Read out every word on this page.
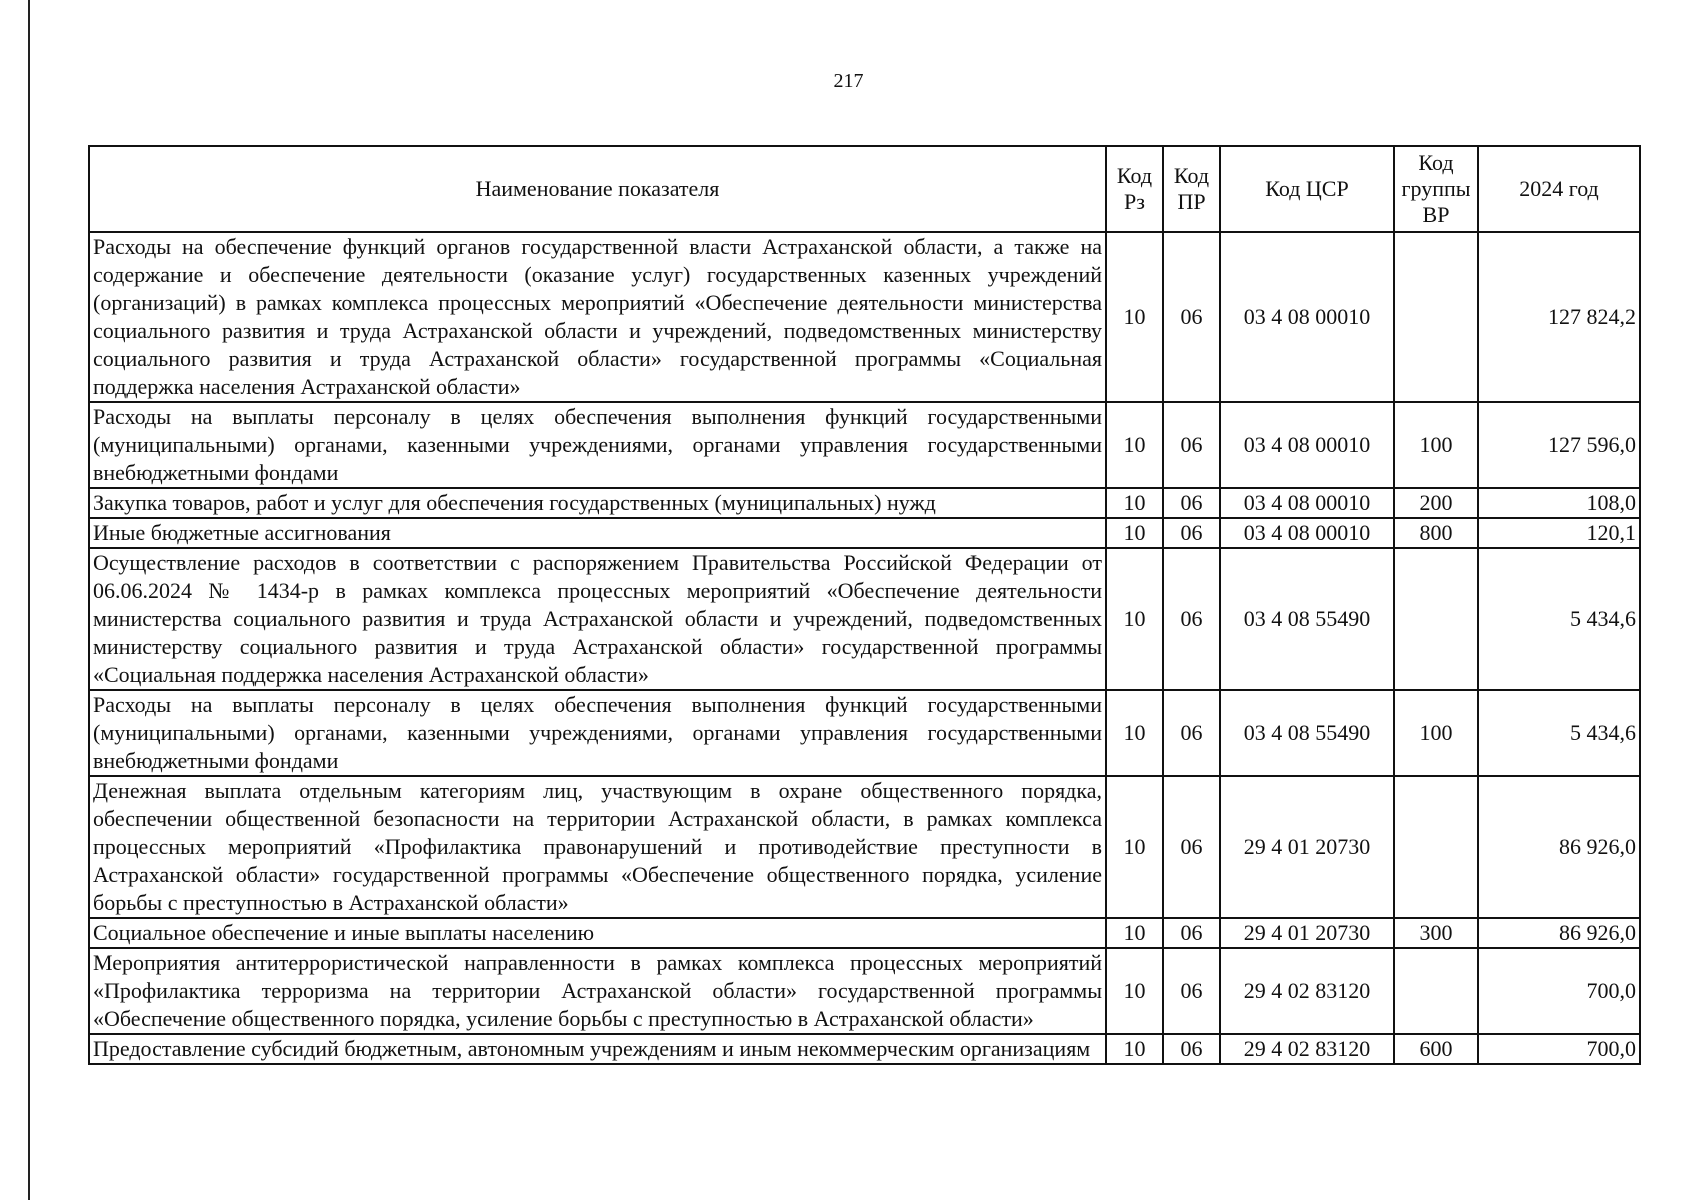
217
Наименование показателя	Код Рз	Код ПР	Код ЦСР	Код группы ВР	2024 год
Расходы на обеспечение функций органов государственной власти Астраханской области, а также на содержание и обеспечение деятельности (оказание услуг) государственных казенных учреждений (организаций) в рамках комплекса процессных мероприятий «Обеспечение деятельности министерства социального развития и труда Астраханской области и учреждений, подведомственных министерству социального развития и труда Астраханской области» государственной программы «Социальная поддержка населения Астраханской области»	10	06	03 4 08 00010		127 824,2
Расходы на выплаты персоналу в целях обеспечения выполнения функций государственными (муниципальными) органами, казенными учреждениями, органами управления государственными внебюджетными фондами	10	06	03 4 08 00010	100	127 596,0
Закупка товаров, работ и услуг для обеспечения государственных (муниципальных) нужд	10	06	03 4 08 00010	200	108,0
Иные бюджетные ассигнования	10	06	03 4 08 00010	800	120,1
Осуществление расходов в соответствии с распоряжением Правительства Российской Федерации от 06.06.2024 № 1434-р в рамках комплекса процессных мероприятий «Обеспечение деятельности министерства социального развития и труда Астраханской области и учреждений, подведомственных министерству социального развития и труда Астраханской области» государственной программы «Социальная поддержка населения Астраханской области»	10	06	03 4 08 55490		5 434,6
Расходы на выплаты персоналу в целях обеспечения выполнения функций государственными (муниципальными) органами, казенными учреждениями, органами управления государственными внебюджетными фондами	10	06	03 4 08 55490	100	5 434,6
Денежная выплата отдельным категориям лиц, участвующим в охране общественного порядка, обеспечении общественной безопасности на территории Астраханской области, в рамках комплекса процессных мероприятий «Профилактика правонарушений и противодействие преступности в Астраханской области» государственной программы «Обеспечение общественного порядка, усиление борьбы с преступностью в Астраханской области»	10	06	29 4 01 20730		86 926,0
Социальное обеспечение и иные выплаты населению	10	06	29 4 01 20730	300	86 926,0
Мероприятия антитеррористической направленности в рамках комплекса процессных мероприятий «Профилактика терроризма на территории Астраханской области» государственной программы «Обеспечение общественного порядка, усиление борьбы с преступностью в Астраханской области»	10	06	29 4 02 83120		700,0
Предоставление субсидий бюджетным, автономным учреждениям и иным некоммерческим организациям	10	06	29 4 02 83120	600	700,0
